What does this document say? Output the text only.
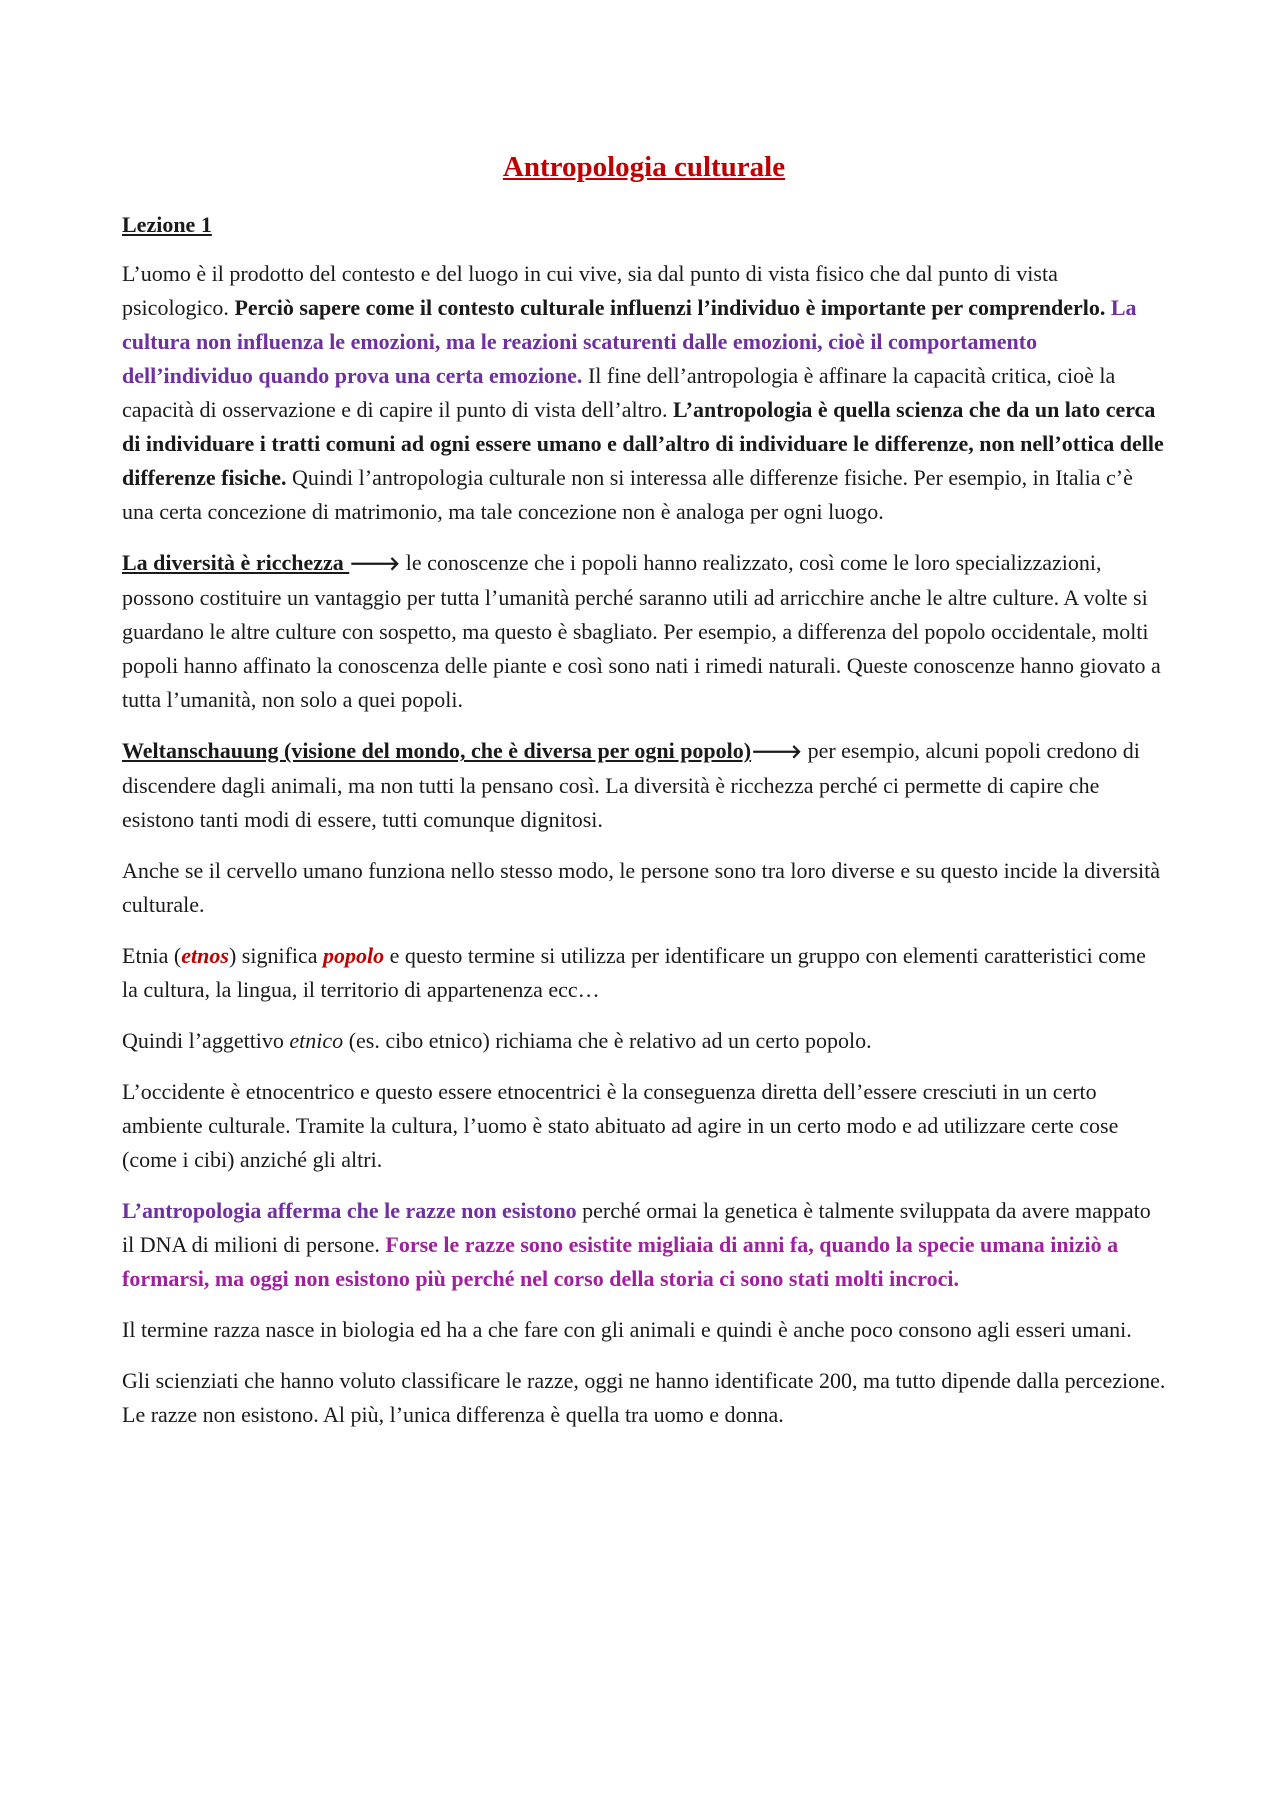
Antropologia culturale
Lezione 1

L’uomo è il prodotto del contesto e del luogo in cui vive, sia dal punto di vista fisico che dal punto di vista psicologico. Perciò sapere come il contesto culturale influenzi l’individuo è importante per comprenderlo. La cultura non influenza le emozioni, ma le reazioni scaturenti dalle emozioni, cioè il comportamento dell’individuo quando prova una certa emozione. Il fine dell’antropologia è affinare la capacità critica, cioè la capacità di osservazione e di capire il punto di vista dell’altro. L’antropologia è quella scienza che da un lato cerca di individuare i tratti comuni ad ogni essere umano e dall’altro di individuare le differenze, non nell’ottica delle differenze fisiche. Quindi l’antropologia culturale non si interessa alle differenze fisiche. Per esempio, in Italia c’è una certa concezione di matrimonio, ma tale concezione non è analoga per ogni luogo.

La diversità è ricchezza 🡒 le conoscenze che i popoli hanno realizzato, così come le loro specializzazioni, possono costituire un vantaggio per tutta l’umanità perché saranno utili ad arricchire anche le altre culture. A volte si guardano le altre culture con sospetto, ma questo è sbagliato. Per esempio, a differenza del popolo occidentale, molti popoli hanno affinato la conoscenza delle piante e così sono nati i rimedi naturali. Queste conoscenze hanno giovato a tutta l’umanità, non solo a quei popoli.

Weltanschauung (visione del mondo, che è diversa per ogni popolo)🡒 per esempio, alcuni popoli credono di discendere dagli animali, ma non tutti la pensano così. La diversità è ricchezza perché ci permette di capire che esistono tanti modi di essere, tutti comunque dignitosi.

Anche se il cervello umano funziona nello stesso modo, le persone sono tra loro diverse e su questo incide la diversità culturale.

Etnia (etnos) significa popolo e questo termine si utilizza per identificare un gruppo con elementi caratteristici come la cultura, la lingua, il territorio di appartenenza ecc…

Quindi l’aggettivo etnico (es. cibo etnico) richiama che è relativo ad un certo popolo.

L’occidente è etnocentrico e questo essere etnocentrici è la conseguenza diretta dell’essere cresciuti in un certo ambiente culturale. Tramite la cultura, l’uomo è stato abituato ad agire in un certo modo e ad utilizzare certe cose (come i cibi) anziché gli altri.

L’antropologia afferma che le razze non esistono perché ormai la genetica è talmente sviluppata da avere mappato il DNA di milioni di persone. Forse le razze sono esistite migliaia di anni fa, quando la specie umana iniziò a formarsi, ma oggi non esistono più perché nel corso della storia ci sono stati molti incroci.

Il termine razza nasce in biologia ed ha a che fare con gli animali e quindi è anche poco consono agli esseri umani.

Gli scienziati che hanno voluto classificare le razze, oggi ne hanno identificate 200, ma tutto dipende dalla percezione. Le razze non esistono. Al più, l’unica differenza è quella tra uomo e donna.
